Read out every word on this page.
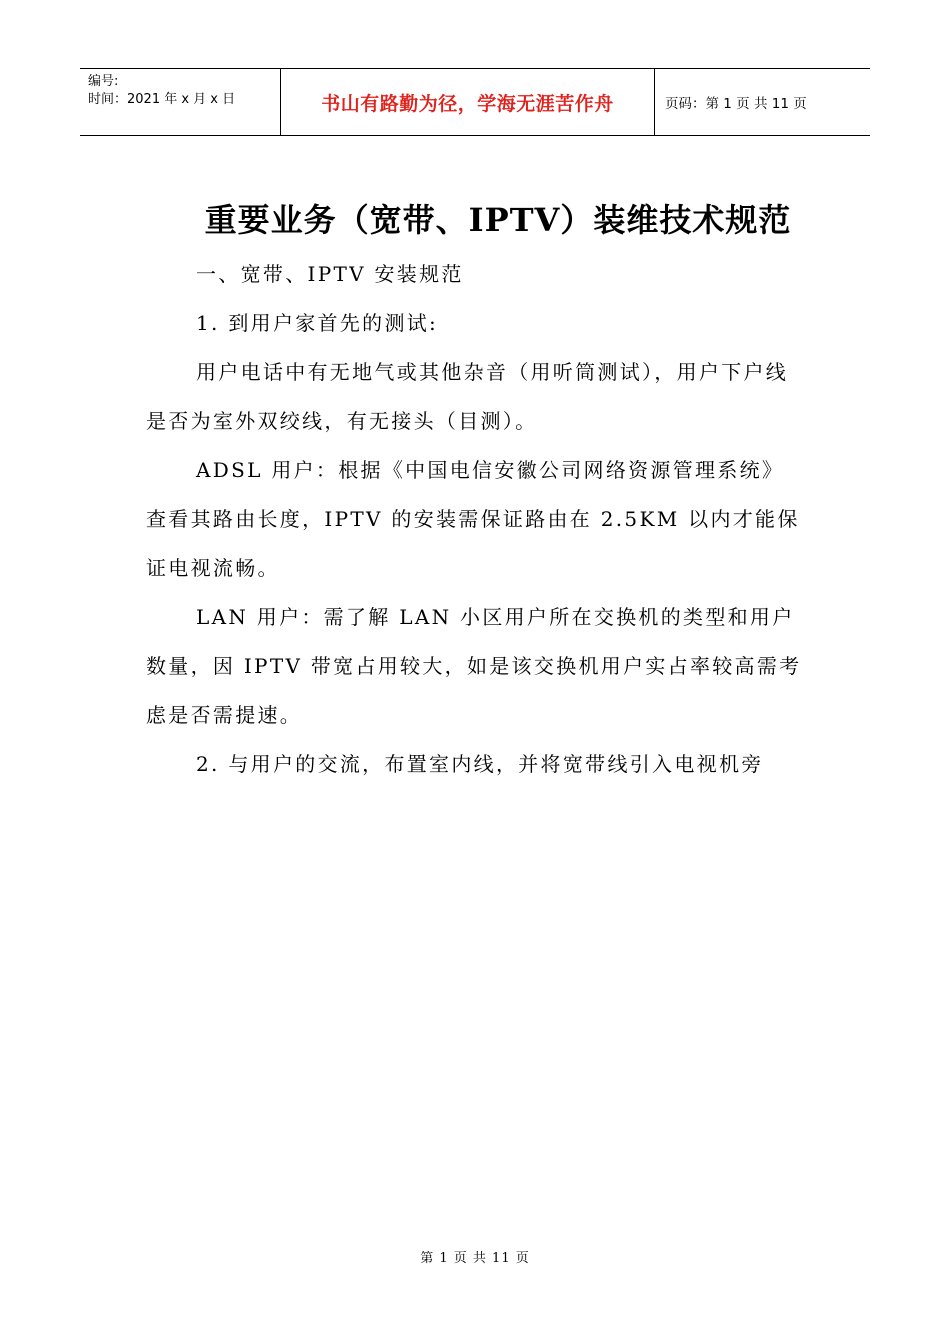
编号:
时间：2021 年 x 月 x 日	书山有路勤为径，学海无涯苦作舟	页码：第 1 页 共 11 页
重要业务（宽带、IPTV）装维技术规范

一、宽带、IPTV 安装规范

1. 到用户家首先的测试:

用户电话中有无地气或其他杂音（用听筒测试），用户下户线是否为室外双绞线，有无接头（目测）。

ADSL 用户：根据《中国电信安徽公司网络资源管理系统》查看其路由长度，IPTV 的安装需保证路由在 2.5KM 以内才能保证电视流畅。

LAN 用户：需了解 LAN 小区用户所在交换机的类型和用户数量，因 IPTV 带宽占用较大，如是该交换机用户实占率较高需考虑是否需提速。

2. 与用户的交流，布置室内线，并将宽带线引入电视机旁

第 1 页 共 11 页
